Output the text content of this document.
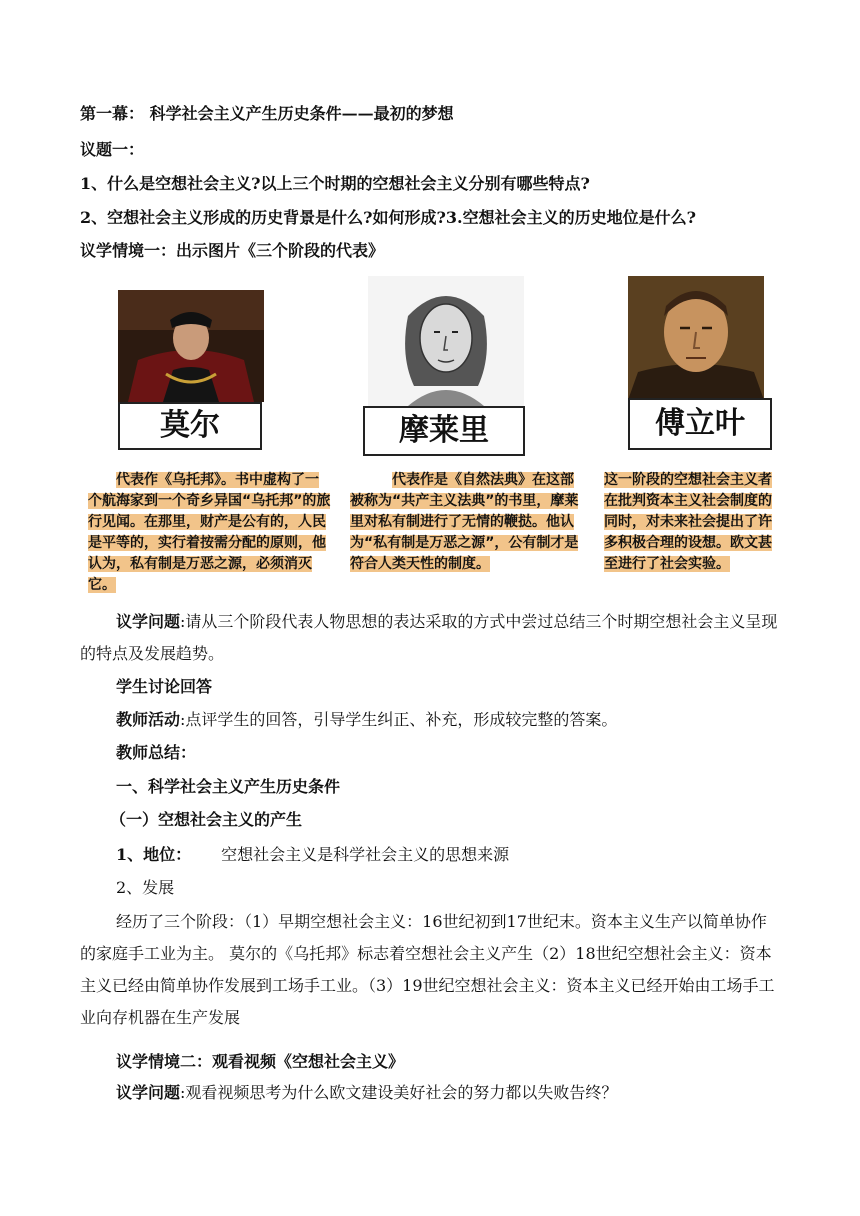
第一幕： 科学社会主义产生历史条件——最初的梦想
议题一：
1、什么是空想社会主义?以上三个时期的空想社会主义分别有哪些特点?
2、空想社会主义形成的历史背景是什么?如何形成?3.空想社会主义的历史地位是什么?
议学情境一：出示图片《三个阶段的代表》
莫尔
代表作《乌托邦》。书中虚构了一个航海家到一个奇乡异国“乌托邦”的旅行见闻。在那里，财产是公有的，人民是平等的，实行着按需分配的原则，他认为，私有制是万恶之源，必须消灭它。
摩莱里
代表作是《自然法典》在这部被称为“共产主义法典”的书里，摩莱里对私有制进行了无情的鞭挞。他认为“私有制是万恶之源”，公有制才是符合人类天性的制度。
傅立叶
这一阶段的空想社会主义者在批判资本主义社会制度的同时，对未来社会提出了许多积极合理的设想。欧文甚至进行了社会实验。
议学问题:请从三个阶段代表人物思想的表达采取的方式中尝过总结三个时期空想社会主义呈现的特点及发展趋势。
学生讨论回答
教师活动:点评学生的回答，引导学生纠正、补充，形成较完整的答案。
教师总结：
一、科学社会主义产生历史条件
（一）空想社会主义的产生
1、地位： 空想社会主义是科学社会主义的思想来源
2、发展
经历了三个阶段：（1）早期空想社会主义：16世纪初到17世纪末。资本主义生产以简单协作的家庭手工业为主。 莫尔的《乌托邦》标志着空想社会主义产生（2）18世纪空想社会主义：资本主义已经由简单协作发展到工场手工业。（3）19世纪空想社会主义：资本主义已经开始由工场手工业向存机器在生产发展
议学情境二：观看视频《空想社会主义》
议学问题:观看视频思考为什么欧文建设美好社会的努力都以失败告终？
